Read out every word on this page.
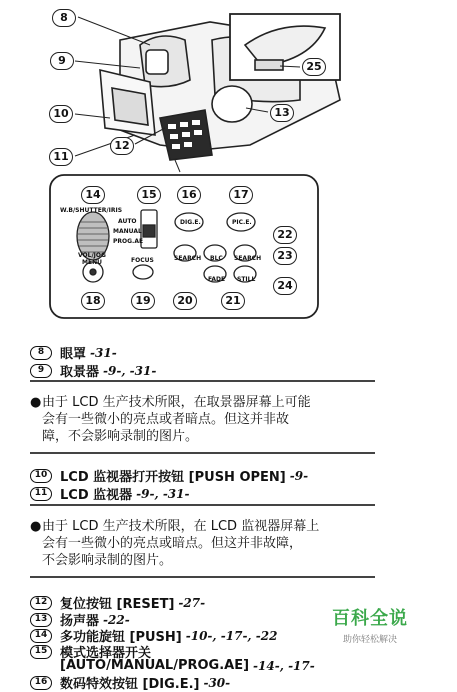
8
9
10
11
12
13
25
14	15	16	17
22
23
24
18	19	20	21
W.B/SHUTTER/IRIS
VOL/JOG
MENU
AUTO
MANUAL
PROG.AE
DIG.E.	PIC.E.
FOCUS	SEARCH BLC SEARCH
FADE STILL
8	眼罩 -31-
9	取景器 -9-, -31-
● 由于 LCD 生产技术所限，在取景器屏幕上可能
会有一些微小的亮点或者暗点。但这并非故
障，不会影响录制的图片。
10 LCD 监视器打开按钮 [PUSH OPEN] -9-
11 LCD 监视器 -9-, -31-
● 由于 LCD 生产技术所限，在 LCD 监视器屏幕上
会有一些微小的亮点或暗点。但这并非故障，
不会影响录制的图片。
12 复位按钮 [RESET] -27-
13 扬声器 -22-
14 多功能旋钮 [PUSH] -10-, -17-, -22
15 模式选择器开关
[AUTO/MANUAL/PROG.AE] -14-, -17-
16 数码特效按钮 [DIG.E.] -30-
百科全说
助你轻松解决
